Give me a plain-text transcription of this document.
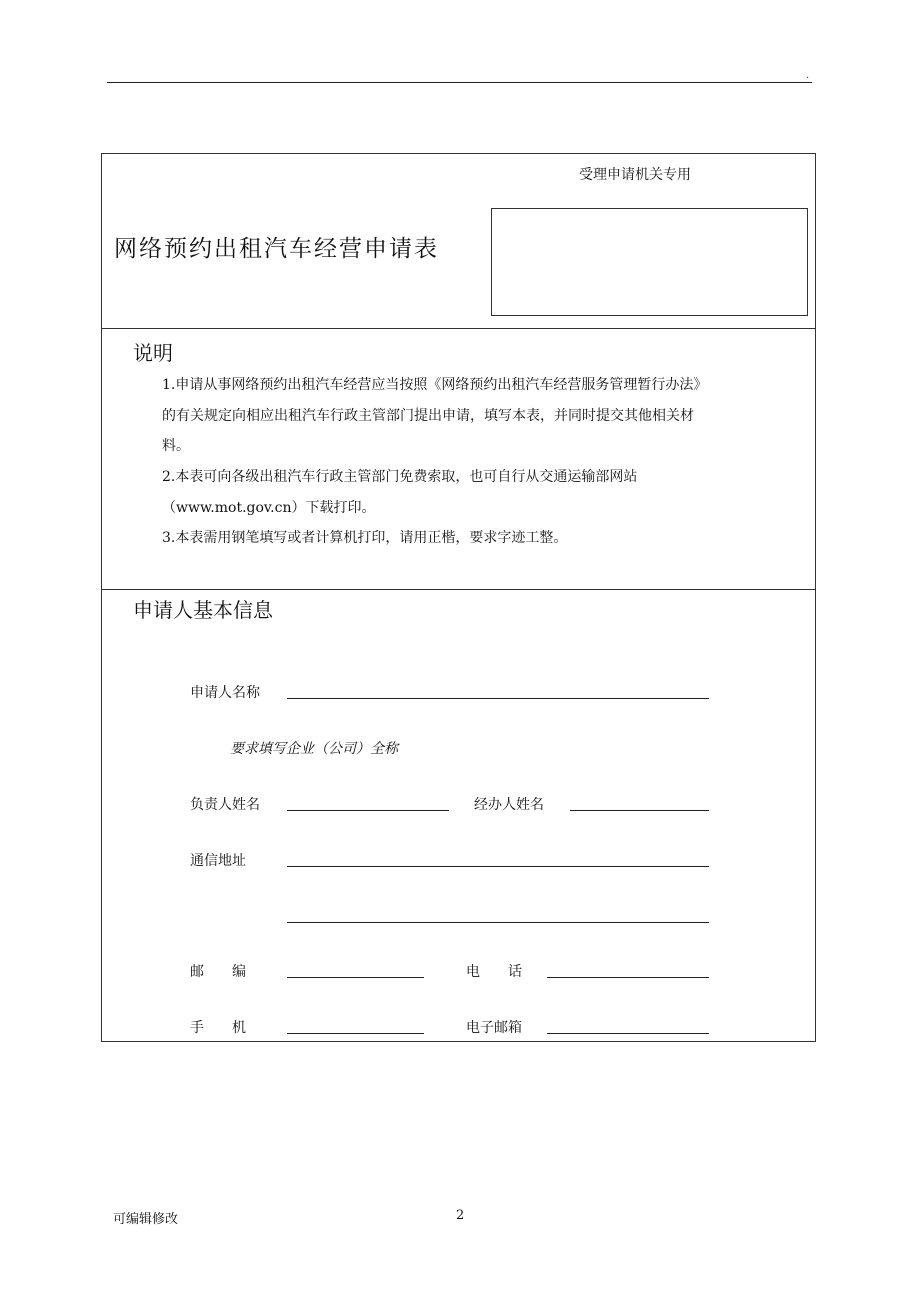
.
受理申请机关专用
网络预约出租汽车经营申请表
说明
1.申请从事网络预约出租汽车经营应当按照《网络预约出租汽车经营服务管理暂行办法》
的有关规定向相应出租汽车行政主管部门提出申请，填写本表，并同时提交其他相关材
料。
2.本表可向各级出租汽车行政主管部门免费索取，也可自行从交通运输部网站
（www.mot.gov.cn）下载打印。
3.本表需用钢笔填写或者计算机打印，请用正楷，要求字迹工整。
申请人基本信息
申请人名称
要求填写企业（公司）全称
负责人姓名	经办人姓名
通信地址
邮　　编	电　　话
手　　机	电子邮箱
可编辑修改	2
